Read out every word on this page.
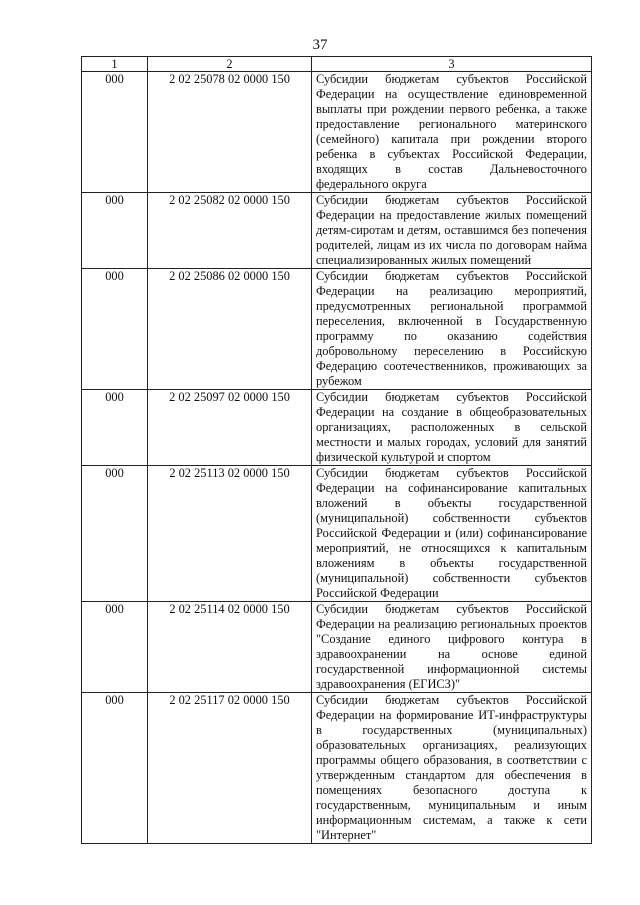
37
1	2	3
000	2 02 25078 02 0000 150	Субсидии бюджетам субъектов Российской Федерации на осуществление единовременной выплаты при рождении первого ребенка, а также предоставление регионального материнского (семейного) капитала при рождении второго ребенка в субъектах Российской Федерации, входящих в состав Дальневосточного федерального округа
000	2 02 25082 02 0000 150	Субсидии бюджетам субъектов Российской Федерации на предоставление жилых помещений детям-сиротам и детям, оставшимся без попечения родителей, лицам из их числа по договорам найма специализированных жилых помещений
000	2 02 25086 02 0000 150	Субсидии бюджетам субъектов Российской Федерации на реализацию мероприятий, предусмотренных региональной программой переселения, включенной в Государственную программу по оказанию содействия добровольному переселению в Российскую Федерацию соотечественников, проживающих за рубежом
000	2 02 25097 02 0000 150	Субсидии бюджетам субъектов Российской Федерации на создание в общеобразовательных организациях, расположенных в сельской местности и малых городах, условий для занятий физической культурой и спортом
000	2 02 25113 02 0000 150	Субсидии бюджетам субъектов Российской Федерации на софинансирование капитальных вложений в объекты государственной (муниципальной) собственности субъектов Российской Федерации и (или) софинансирование мероприятий, не относящихся к капитальным вложениям в объекты государственной (муниципальной) собственности субъектов Российской Федерации
000	2 02 25114 02 0000 150	Субсидии бюджетам субъектов Российской Федерации на реализацию региональных проектов "Создание единого цифрового контура в здравоохранении на основе единой государственной информационной системы здравоохранения (ЕГИСЗ)"
000	2 02 25117 02 0000 150	Субсидии бюджетам субъектов Российской Федерации на формирование ИТ-инфраструктуры в государственных (муниципальных) образовательных организациях, реализующих программы общего образования, в соответствии с утвержденным стандартом для обеспечения в помещениях безопасного доступа к государственным, муниципальным и иным информационным системам, а также к сети "Интернет"
